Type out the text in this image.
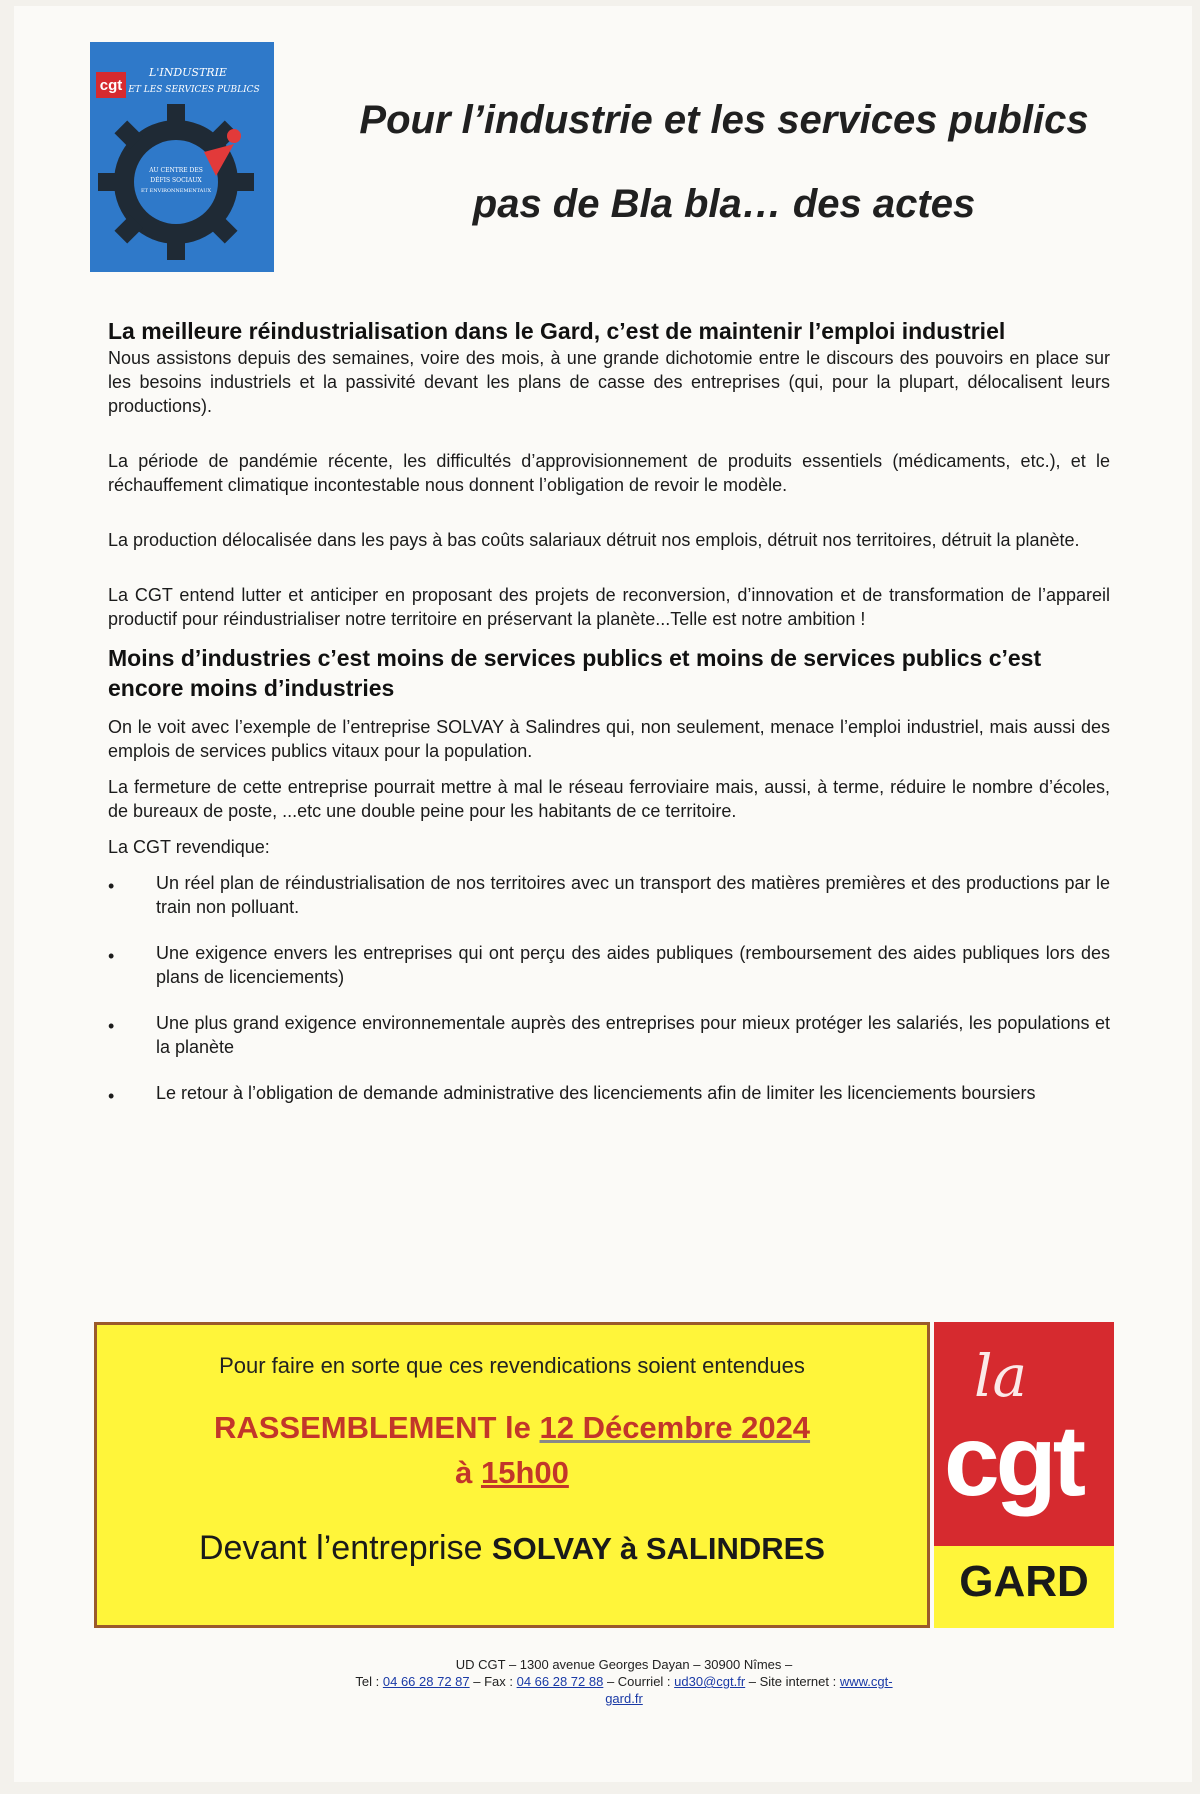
cgt
L'INDUSTRIE
ET LES SERVICES PUBLICS
AU CENTRE DES
DÉFIS SOCIAUX
ET ENVIRONNEMENTAUX
Pour l’industrie et les services publics
pas de Bla bla… des actes
La meilleure réindustrialisation dans le Gard, c’est de maintenir l’emploi industriel

Nous assistons depuis des semaines, voire des mois, à une grande dichotomie entre le discours des pouvoirs en place sur les besoins industriels et la passivité devant les plans de casse des entreprises (qui, pour la plupart, délocalisent leurs productions).

La période de pandémie récente, les difficultés d’approvisionnement de produits essentiels (médicaments, etc.), et le réchauffement climatique incontestable nous donnent l’obligation de revoir le modèle.

La production délocalisée dans les pays à bas coûts salariaux détruit nos emplois, détruit nos territoires, détruit la planète.

La CGT entend lutter et anticiper en proposant des projets de reconversion, d’innovation et de transformation de l’appareil productif pour réindustrialiser notre territoire en préservant la planète...Telle est notre ambition !

Moins d’industries c’est moins de services publics et moins de services publics c’est encore moins d’industries

On le voit avec l’exemple de l’entreprise SOLVAY à Salindres qui, non seulement, menace l’emploi industriel, mais aussi des emplois de services publics vitaux pour la population.

La fermeture de cette entreprise pourrait mettre à mal le réseau ferroviaire mais, aussi, à terme, réduire le nombre d’écoles, de bureaux de poste, ...etc une double peine pour les habitants de ce territoire.

La CGT revendique:

•	Un réel plan de réindustrialisation de nos territoires avec un transport des matières premières et des productions par le train non polluant.
•	Une exigence envers les entreprises qui ont perçu des aides publiques (remboursement des aides publiques lors des plans de licenciements)
•	Une plus grand exigence environnementale auprès des entreprises pour mieux protéger les salariés, les populations et la planète
•	Le retour à l’obligation de demande administrative des licenciements afin de limiter les licenciements boursiers
Pour faire en sorte que ces revendications soient entendues
RASSEMBLEMENT le 12 Décembre 2024
à 15h00
Devant l’entreprise SOLVAY à SALINDRES
la
cgt
GARD
UD CGT – 1300 avenue Georges Dayan – 30900 Nîmes –
Tel : 04 66 28 72 87 – Fax : 04 66 28 72 88 – Courriel : ud30@cgt.fr – Site internet : www.cgt-gard.fr
